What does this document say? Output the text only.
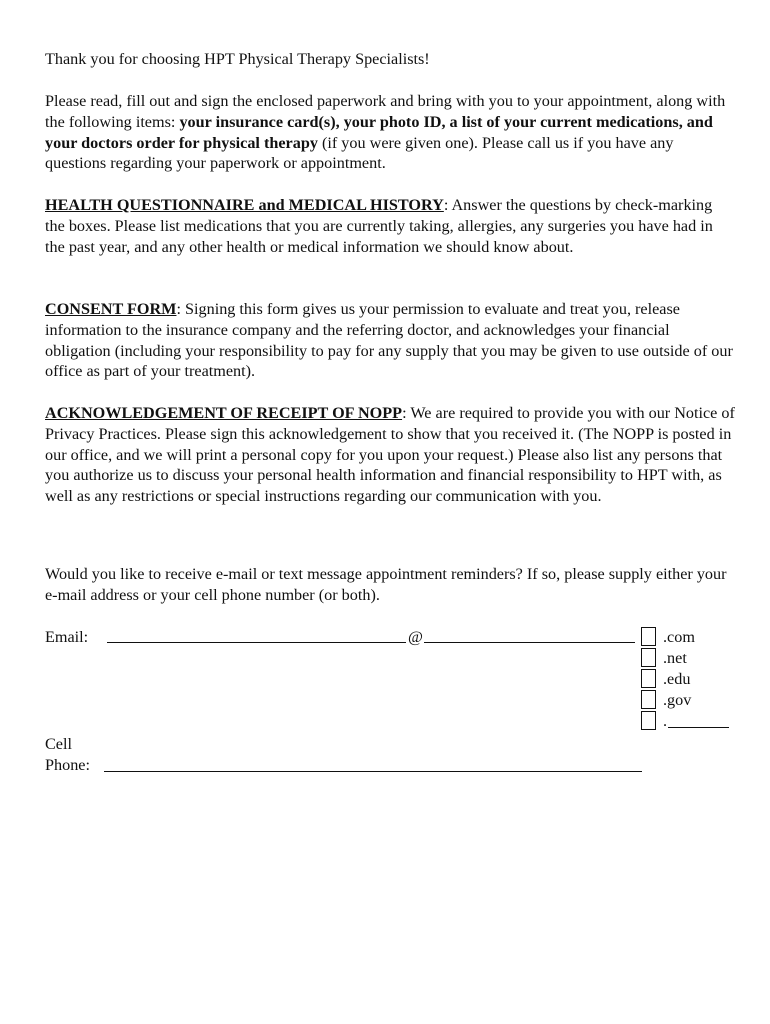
Thank you for choosing HPT Physical Therapy Specialists!

Please read, fill out and sign the enclosed paperwork and bring with you to your appointment, along with the following items: your insurance card(s), your photo ID, a list of your current medications, and your doctors order for physical therapy (if you were given one). Please call us if you have any questions regarding your paperwork or appointment.

HEALTH QUESTIONNAIRE and MEDICAL HISTORY: Answer the questions by check-marking the boxes. Please list medications that you are currently taking, allergies, any surgeries you have had in the past year, and any other health or medical information we should know about.

CONSENT FORM: Signing this form gives us your permission to evaluate and treat you, release information to the insurance company and the referring doctor, and acknowledges your financial obligation (including your responsibility to pay for any supply that you may be given to use outside of our office as part of your treatment).

ACKNOWLEDGEMENT OF RECEIPT OF NOPP: We are required to provide you with our Notice of Privacy Practices. Please sign this acknowledgement to show that you received it. (The NOPP is posted in our office, and we will print a personal copy for you upon your request.) Please also list any persons that you authorize us to discuss your personal health information and financial responsibility to HPT with, as well as any restrictions or special instructions regarding our communication with you.

Would you like to receive e-mail or text message appointment reminders? If so, please supply either your e-mail address or your cell phone number (or both).

Email:	@	.com
.net
.edu
.gov
.
Cell
Phone:
